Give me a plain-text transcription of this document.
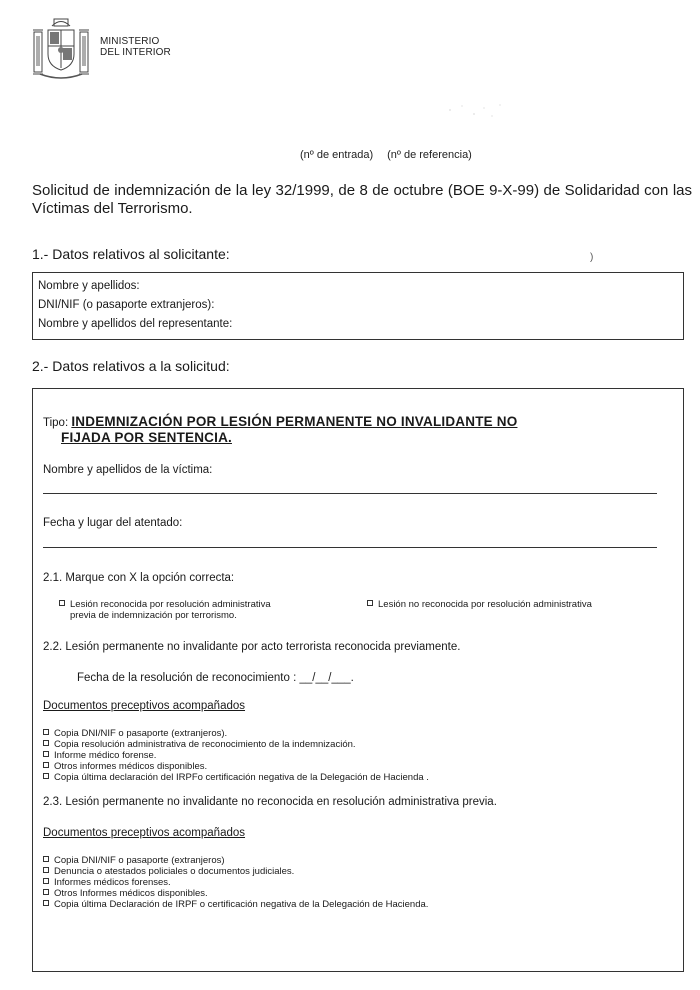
MINISTERIO
DEL INTERIOR
(nº de entrada) (nº de referencia)
Solicitud de indemnización de la ley 32/1999, de 8 de octubre (BOE 9-X-99) de Solidaridad con las Víctimas del Terrorismo.
1.- Datos relativos al solicitante:	)
Nombre y apellidos:
DNI/NIF (o pasaporte extranjeros):
Nombre y apellidos del representante:
2.- Datos relativos a la solicitud:
Tipo: INDEMNIZACIÓN POR LESIÓN PERMANENTE NO INVALIDANTE NO
FIJADA POR SENTENCIA.
Nombre y apellidos de la víctima:
Fecha y lugar del atentado:
2.1. Marque con X la opción correcta:
Lesión reconocida por resolución administrativa
previa de indemnización por terrorismo.
Lesión no reconocida por resolución administrativa
2.2. Lesión permanente no invalidante por acto terrorista reconocida previamente.
Fecha de la resolución de reconocimiento : __/__/___.
Documentos preceptivos acompañados
Copia DNI/NIF o pasaporte (extranjeros).
Copia resolución administrativa de reconocimiento de la indemnización.
Informe médico forense.
Otros informes médicos disponibles.
Copia última declaración del IRPFo certificación negativa de la Delegación de Hacienda .
2.3. Lesión permanente no invalidante no reconocida en resolución administrativa previa.
Documentos preceptivos acompañados
Copia DNI/NIF o pasaporte (extranjeros)
Denuncia o atestados policiales o documentos judiciales.
Informes médicos forenses.
Otros Informes médicos disponibles.
Copia última Declaración de IRPF o certificación negativa de la Delegación de Hacienda.
